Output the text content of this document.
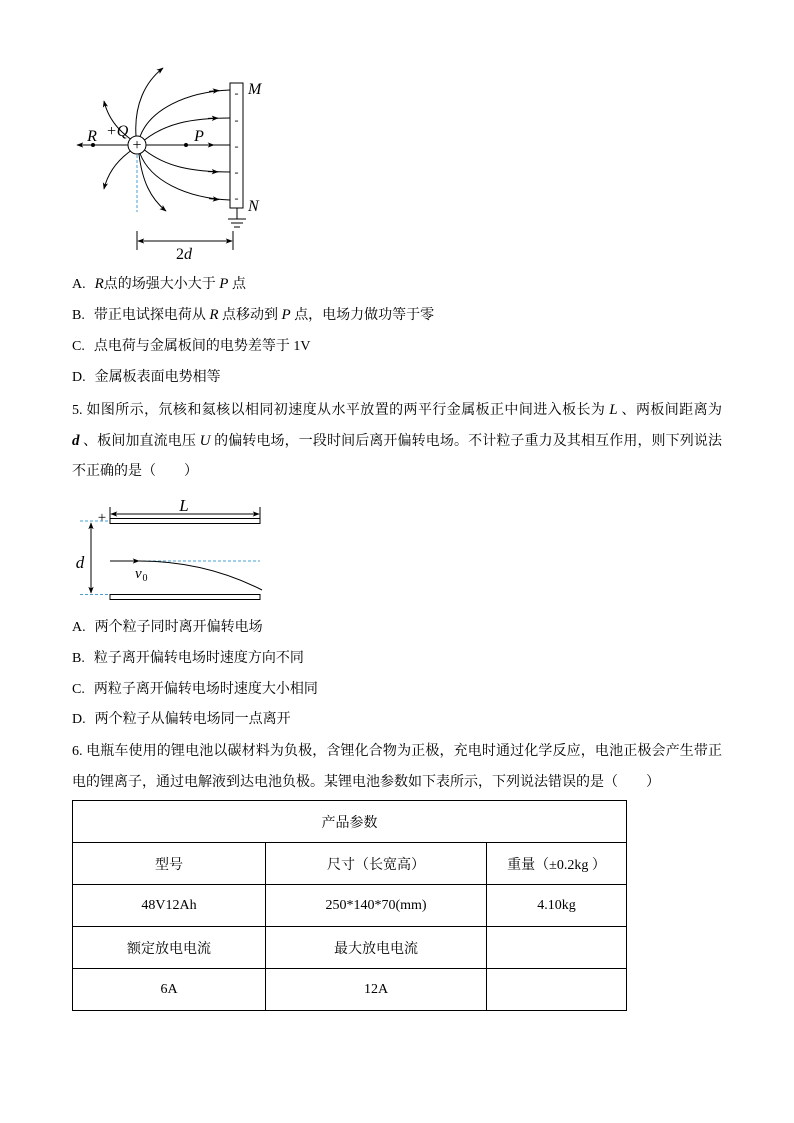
-
-
-
-
-
M
N
+
+Q
R	P
2d
A. R点的场强大小大于 P 点
B. 带正电试探电荷从 R 点移动到 P 点，电场力做功等于零
C. 点电荷与金属板间的电势差等于 1V
D. 金属板表面电势相等
5. 如图所示，氘核和氦核以相同初速度从水平放置的两平行金属板正中间进入板长为 L 、两板间距离为
d 、板间加直流电压 U 的偏转电场，一段时间后离开偏转电场。不计粒子重力及其相互作用，则下列说法
不正确的是（　　）
+
L
d
v 0
A. 两个粒子同时离开偏转电场
B. 粒子离开偏转电场时速度方向不同
C. 两粒子离开偏转电场时速度大小相同
D. 两个粒子从偏转电场同一点离开
6. 电瓶车使用的锂电池以碳材料为负极，含锂化合物为正极，充电时通过化学反应，电池正极会产生带正
电的锂离子，通过电解液到达电池负极。某锂电池参数如下表所示，下列说法错误的是（　　）
产品参数		
型号	尺寸（长宽高）	重量（±0.2kg ）
48V12Ah	250*140*70(mm)	4.10kg
额定放电电流	最大放电电流	
6A	12A	
